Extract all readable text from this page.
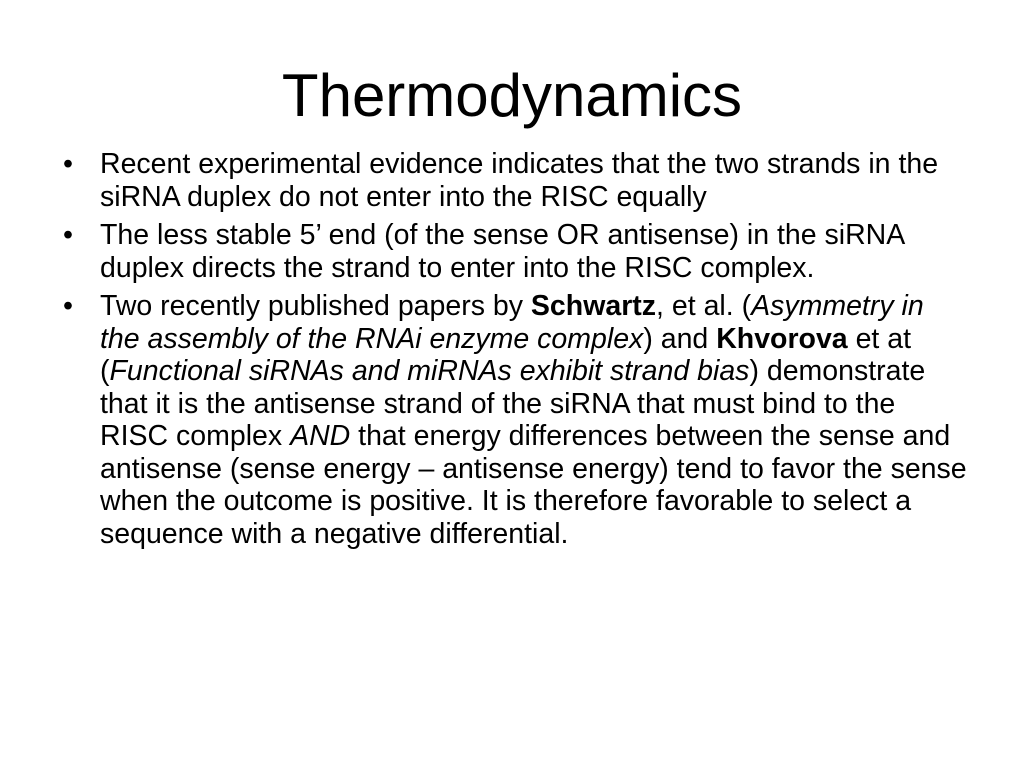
Thermodynamics
• Recent experimental evidence indicates that the two strands in the siRNA duplex do not enter into the RISC equally
• The less stable 5’ end (of the sense OR antisense) in the siRNA duplex directs the strand to enter into the RISC complex.
• Two recently published papers by Schwartz, et al. (Asymmetry in the assembly of the RNAi enzyme complex) and Khvorova et at (Functional siRNAs and miRNAs exhibit strand bias) demonstrate that it is the antisense strand of the siRNA that must bind to the RISC complex AND that energy differences between the sense and antisense (sense energy – antisense energy) tend to favor the sense when the outcome is positive. It is therefore favorable to select a sequence with a negative differential.
